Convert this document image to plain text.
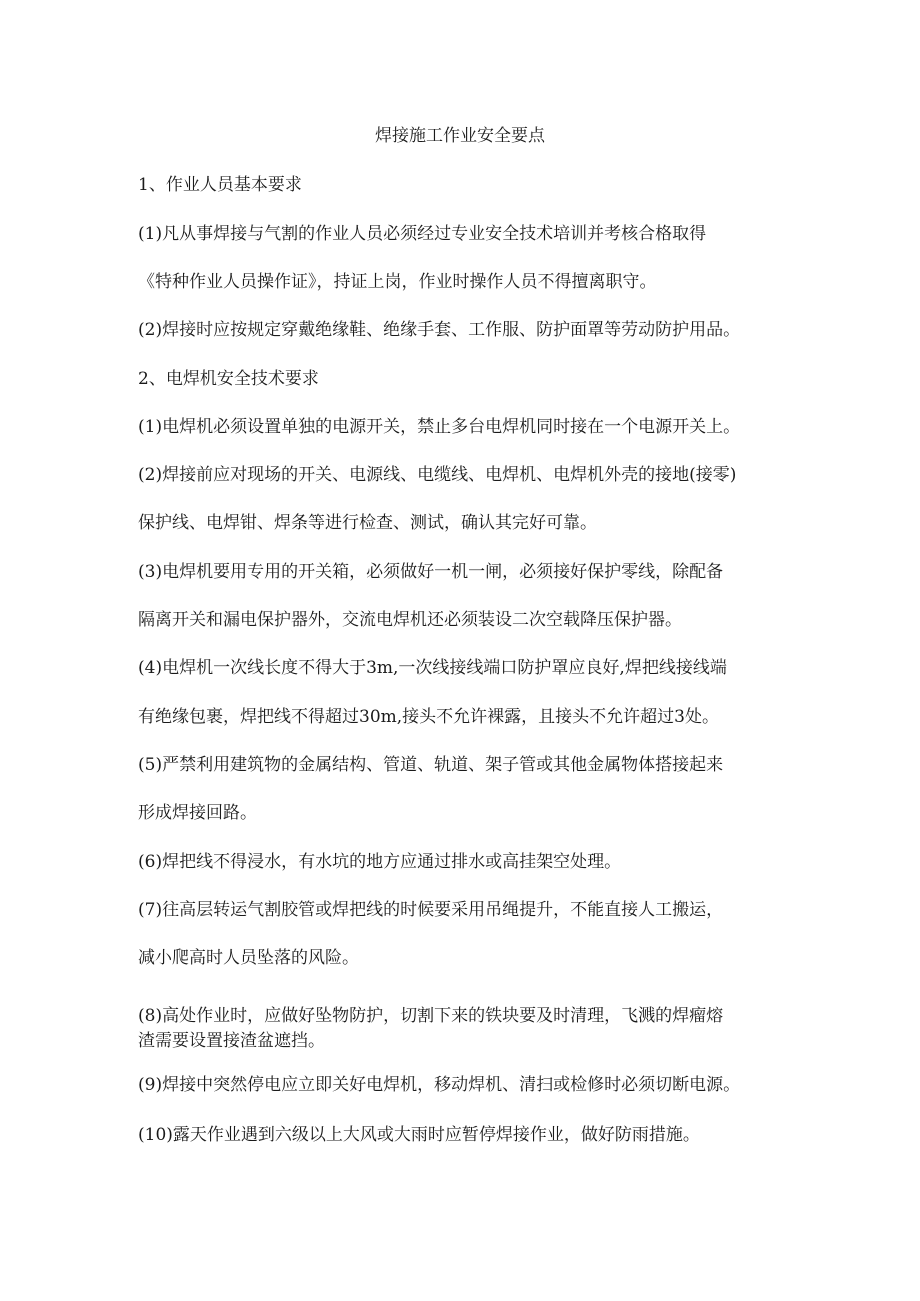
焊接施工作业安全要点
1、作业人员基本要求
(1)凡从事焊接与气割的作业人员必须经过专业安全技术培训并考核合格取得
《特种作业人员操作证》，持证上岗，作业时操作人员不得擅离职守。
(2)焊接时应按规定穿戴绝缘鞋、绝缘手套、工作服、防护面罩等劳动防护用品。
2、电焊机安全技术要求
(1)电焊机必须设置单独的电源开关，禁止多台电焊机同时接在一个电源开关上。
(2)焊接前应对现场的开关、电源线、电缆线、电焊机、电焊机外壳的接地(接零)
保护线、电焊钳、焊条等进行检查、测试，确认其完好可靠。
(3)电焊机要用专用的开关箱，必须做好一机一闸，必须接好保护零线，除配备
隔离开关和漏电保护器外，交流电焊机还必须装设二次空载降压保护器。
(4)电焊机一次线长度不得大于3m,一次线接线端口防护罩应良好,焊把线接线端
有绝缘包裹，焊把线不得超过30m,接头不允许裸露，且接头不允许超过3处。
(5)严禁利用建筑物的金属结构、管道、轨道、架子管或其他金属物体搭接起来
形成焊接回路。
(6)焊把线不得浸水，有水坑的地方应通过排水或高挂架空处理。
(7)往高层转运气割胶管或焊把线的时候要采用吊绳提升，不能直接人工搬运，
减小爬高时人员坠落的风险。
(8)高处作业时，应做好坠物防护，切割下来的铁块要及时清理，飞溅的焊瘤熔
渣需要设置接渣盆遮挡。
(9)焊接中突然停电应立即关好电焊机，移动焊机、清扫或检修时必须切断电源。
(10)露天作业遇到六级以上大风或大雨时应暂停焊接作业，做好防雨措施。
